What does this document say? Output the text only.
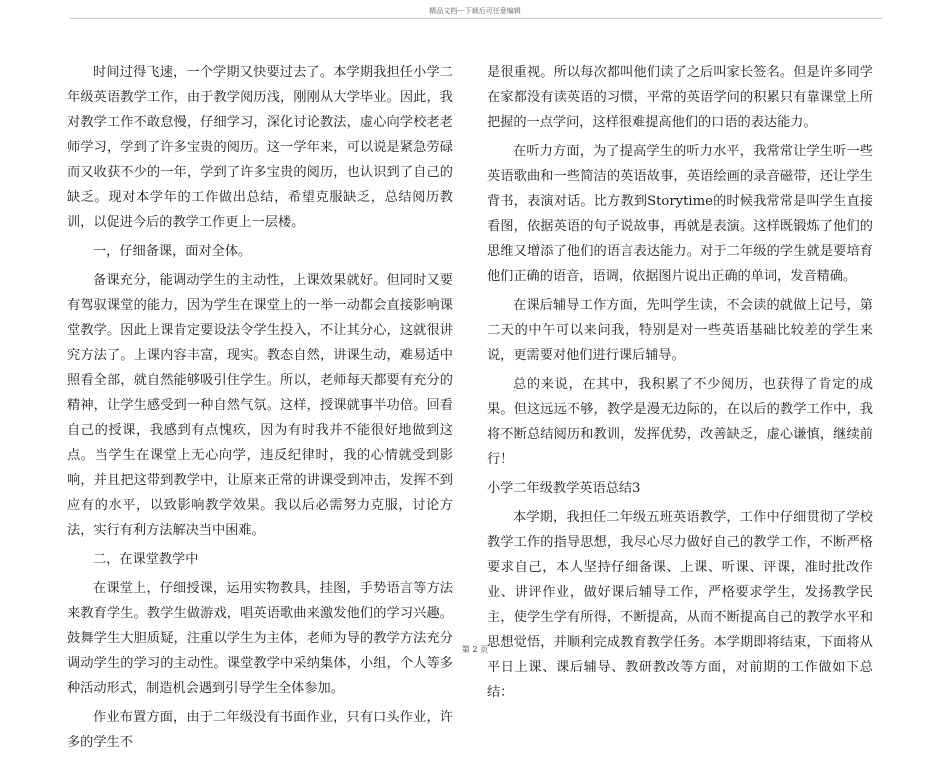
精品文档---下载后可任意编辑

时间过得飞速，一个学期又快要过去了。本学期我担任小学二年级英语教学工作，由于教学阅历浅，刚刚从大学毕业。因此，我对教学工作不敢怠慢，仔细学习，深化讨论教法，虚心向学校老老师学习，学到了许多宝贵的阅历。这一学年来，可以说是紧急劳碌而又收获不少的一年，学到了许多宝贵的阅历，也认识到了自己的缺乏。现对本学年的工作做出总结，希望克服缺乏，总结阅历教训，以促进今后的教学工作更上一层楼。

一，仔细备课，面对全体。

备课充分，能调动学生的主动性，上课效果就好。但同时又要有驾驭课堂的能力，因为学生在课堂上的一举一动都会直接影响课堂教学。因此上课肯定要设法令学生投入，不让其分心，这就很讲究方法了。上课内容丰富，现实。教态自然，讲课生动，难易适中照看全部，就自然能够吸引住学生。所以，老师每天都要有充分的精神，让学生感受到一种自然气氛。这样，授课就事半功倍。回看自己的授课，我感到有点愧疚，因为有时我并不能很好地做到这点。当学生在课堂上无心向学，违反纪律时，我的心情就受到影响，并且把这带到教学中，让原来正常的讲课受到冲击，发挥不到应有的水平，以致影响教学效果。我以后必需努力克服，讨论方法，实行有利方法解决当中困难。

二，在课堂教学中

在课堂上，仔细授课，运用实物教具，挂图，手势语言等方法来教育学生。教学生做游戏，唱英语歌曲来激发他们的学习兴趣。鼓舞学生大胆质疑，注重以学生为主体，老师为导的教学方法充分调动学生的学习的主动性。课堂教学中采纳集体，小组，个人等多种活动形式，制造机会遇到引导学生全体参加。

作业布置方面，由于二年级没有书面作业，只有口头作业，许多的学生不

是很重视。所以每次都叫他们读了之后叫家长签名。但是许多同学在家都没有读英语的习惯，平常的英语学问的积累只有靠课堂上所把握的一点学问，这样很难提高他们的口语的表达能力。

在听力方面，为了提高学生的听力水平，我常常让学生听一些英语歌曲和一些简洁的英语故事，英语绘画的录音磁带，还让学生背书，表演对话。比方教到Storytime的时候我常常是叫学生直接看图，依据英语的句子说故事，再就是表演。这样既锻炼了他们的思维又增添了他们的语言表达能力。对于二年级的学生就是要培育他们正确的语音，语调，依据图片说出正确的单词，发音精确。

在课后辅导工作方面，先叫学生读，不会读的就做上记号，第二天的中午可以来问我，特别是对一些英语基础比较差的学生来说，更需要对他们进行课后辅导。

总的来说，在其中，我积累了不少阅历，也获得了肯定的成果。但这远远不够，教学是漫无边际的，在以后的教学工作中，我将不断总结阅历和教训，发挥优势，改善缺乏，虚心谦慎，继续前行！

小学二年级教学英语总结3

本学期，我担任二年级五班英语教学，工作中仔细贯彻了学校教学工作的指导思想，我尽心尽力做好自己的教学工作，不断严格要求自己，本人坚持仔细备课、上课、听课、评课，准时批改作业、讲评作业，做好课后辅导工作，严格要求学生，发扬教学民主，使学生学有所得，不断提高，从而不断提高自己的教学水平和思想觉悟，并顺利完成教育教学任务。本学期即将结束，下面将从平日上课、课后辅导、教研教改等方面，对前期的工作做如下总结：

第 2 页
